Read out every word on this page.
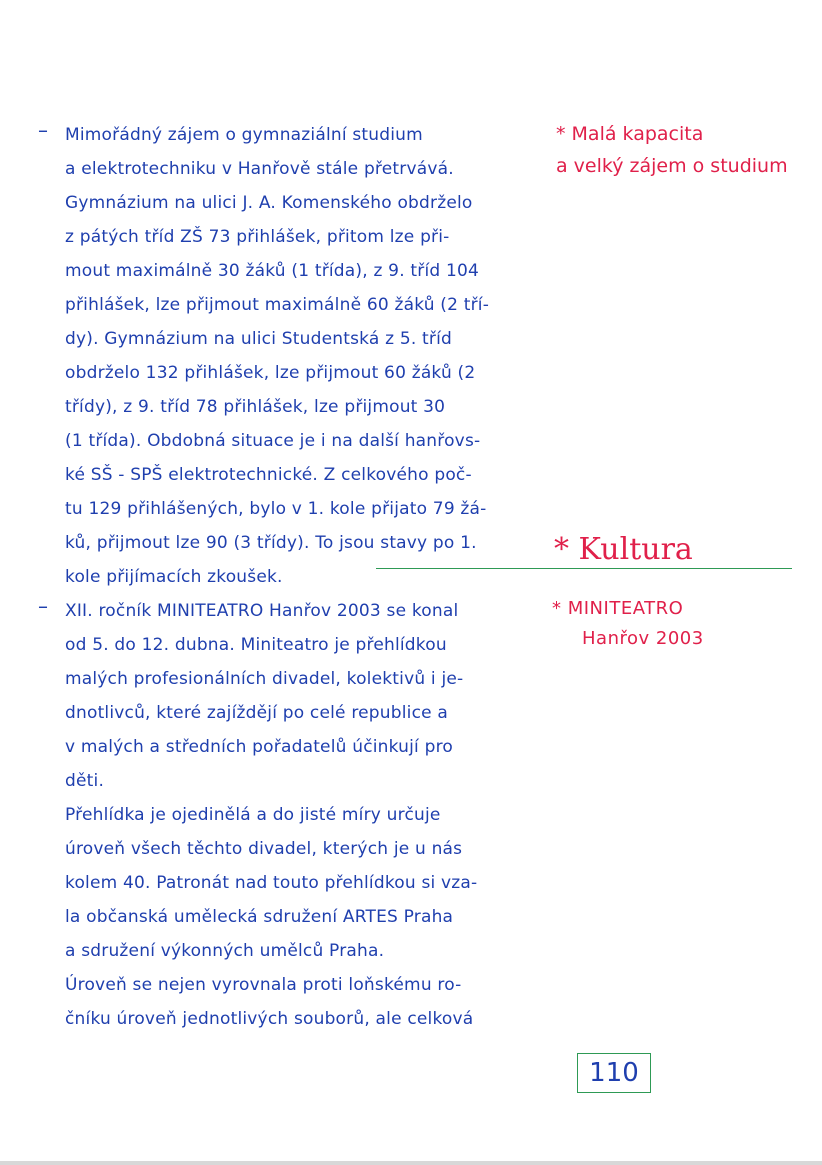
– Mimořádný zájem o gymnaziální studium
a elektrotechniku v Hanřově stále přetrvává.
Gymnázium na ulici J. A. Komenského obdrželo
z pátých tříd ZŠ 73 přihlášek, přitom lze při-
mout maximálně 30 žáků (1 třída), z 9. tříd 104
přihlášek, lze přijmout maximálně 60 žáků (2 tří-
dy). Gymnázium na ulici Studentská z 5. tříd
obdrželo 132 přihlášek, lze přijmout 60 žáků (2
třídy), z 9. tříd 78 přihlášek, lze přijmout 30
(1 třída). Obdobná situace je i na další hanřovs-
ké SŠ - SPŠ elektrotechnické. Z celkového poč-
tu 129 přihlášených, bylo v 1. kole přijato 79 žá-
ků, přijmout lze 90 (3 třídy). To jsou stavy po 1.
kole přijímacích zkoušek.
* Malá kapacita
a velký zájem o studium
* Kultura
– XII. ročník MINITEATRO Hanřov 2003 se konal
od 5. do 12. dubna. Miniteatro je přehlídkou
malých profesionálních divadel, kolektivů i je-
dnotlivců, které zajíždějí po celé republice a
v malých a středních pořadatelů účinkují pro
děti.
Přehlídka je ojedinělá a do jisté míry určuje
úroveň všech těchto divadel, kterých je u nás
kolem 40. Patronát nad touto přehlídkou si vza-
la občanská umělecká sdružení ARTES Praha
a sdružení výkonných umělců Praha.
Úroveň se nejen vyrovnala proti loňskému ro-
čníku úroveň jednotlivých souborů, ale celková
* MINITEATRO
Hanřov 2003
110
